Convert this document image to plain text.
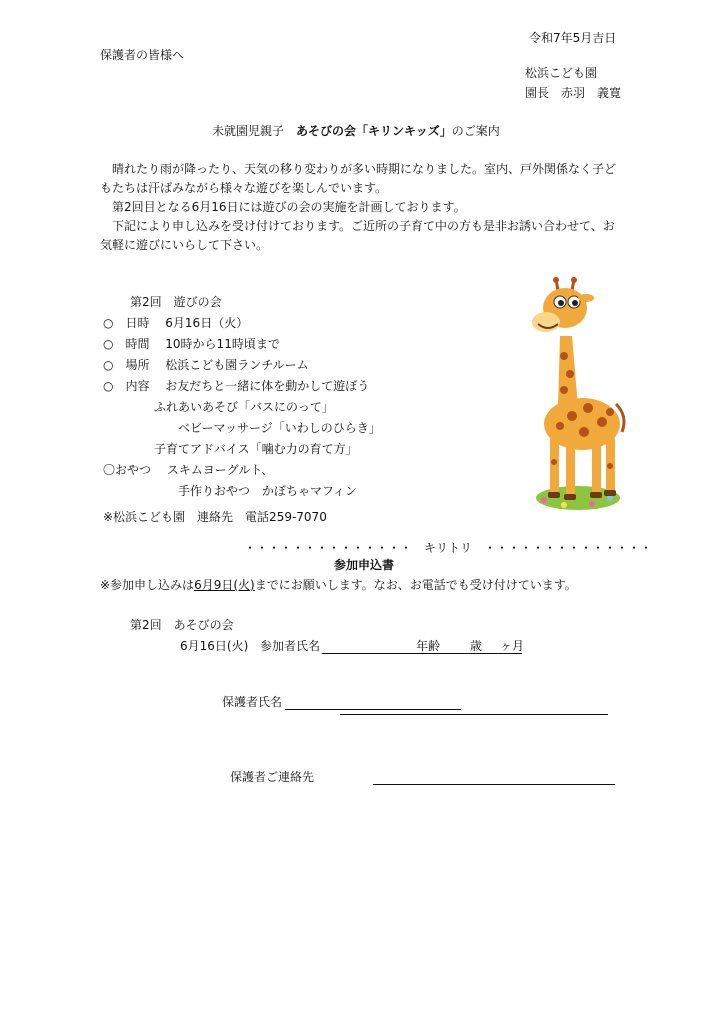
令和7年5月吉日
保護者の皆様へ
松浜こども園
園長　赤羽　義寛
未就園児親子　あそびの会「キリンキッズ」のご案内

　晴れたり雨が降ったり、天気の移り変わりが多い時期になりました。室内、戸外関係なく子どもたちは汗ばみながら様々な遊びを楽しんでいます。

　第2回目となる6月16日には遊びの会の実施を計画しております。

　下記により申し込みを受け付けております。ご近所の子育て中の方も是非お誘い合わせて、お気軽に遊びにいらして下さい。

第2回　遊びの会
○　日時　 6月16日（火）
○　時間　 10時から11時頃まで
○　場所　 松浜こども園ランチルーム
○　内容　 お友だちと一緒に体を動かして遊ぼう
ふれあいあそび「バスにのって」
ベビーマッサージ「いわしのひらき」
子育てアドバイス「噛む力の育て方」
〇おやつ　 スキムヨーグルト、
手作りおやつ　かぼちゃマフィン
※松浜こども園　連絡先　電話259-7070
・・・・・・・・・・・・・・　キリトリ　・・・・・・・・・・・・・・
参加申込書
※参加申し込みは6月9日(火)までにお願いします。なお、お電話でも受け付けています。
第2回　あそびの会
6月16日(火) 参加者氏名	年齢 歳 ヶ月
保護者氏名
保護者ご連絡先
